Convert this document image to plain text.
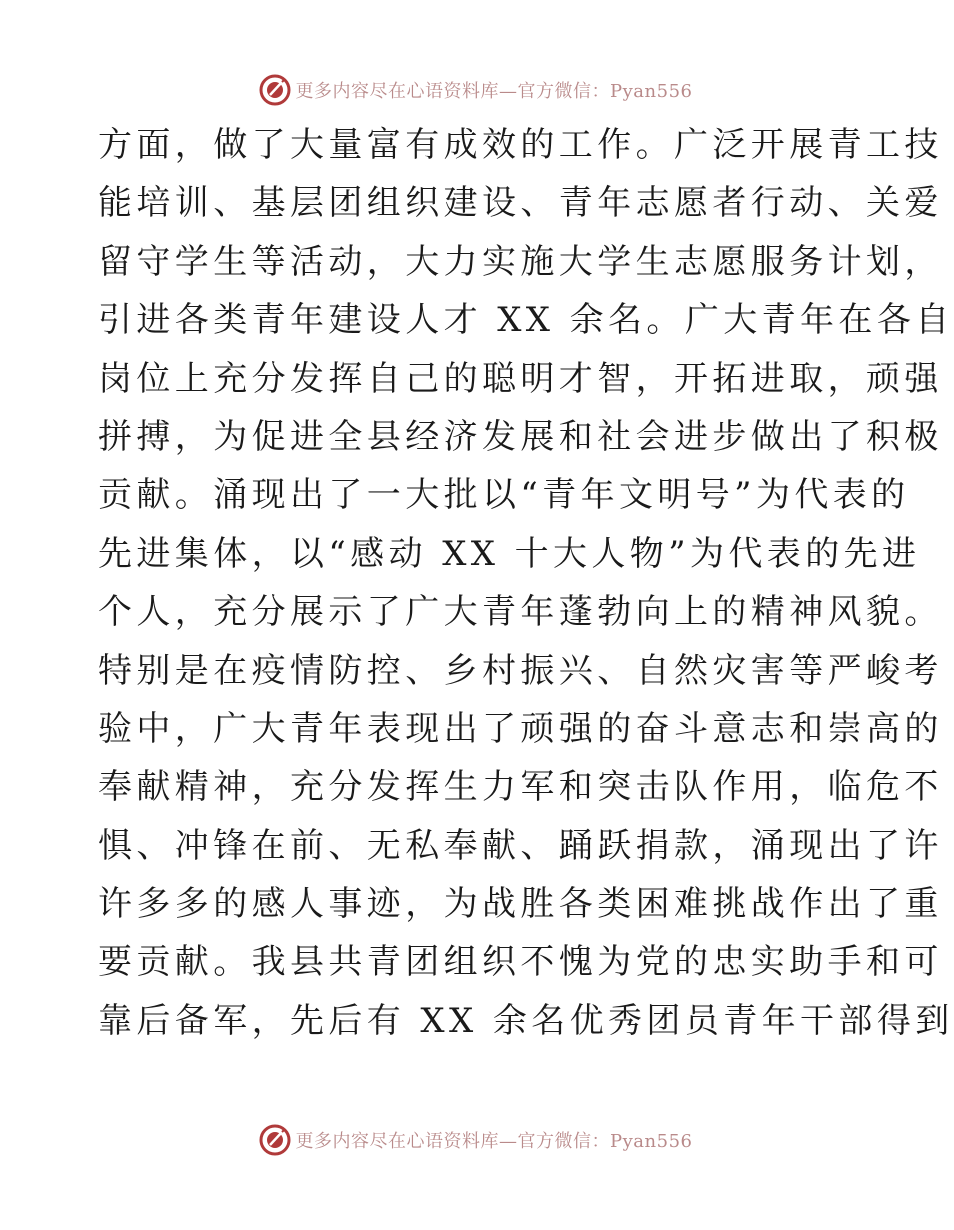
更多内容尽在心语资料库—官方微信：Pyan556
方面，做了大量富有成效的工作。广泛开展青工技
能培训、基层团组织建设、青年志愿者行动、关爱
留守学生等活动，大力实施大学生志愿服务计划，
引进各类青年建设人才 XX 余名。广大青年在各自
岗位上充分发挥自己的聪明才智，开拓进取，顽强
拼搏，为促进全县经济发展和社会进步做出了积极
贡献。涌现出了一大批以“青年文明号”为代表的
先进集体，以“感动 XX 十大人物”为代表的先进
个人，充分展示了广大青年蓬勃向上的精神风貌。
特别是在疫情防控、乡村振兴、自然灾害等严峻考
验中，广大青年表现出了顽强的奋斗意志和崇高的
奉献精神，充分发挥生力军和突击队作用，临危不
惧、冲锋在前、无私奉献、踊跃捐款，涌现出了许
许多多的感人事迹，为战胜各类困难挑战作出了重
要贡献。我县共青团组织不愧为党的忠实助手和可
靠后备军，先后有 XX 余名优秀团员青年干部得到
更多内容尽在心语资料库—官方微信：Pyan556
